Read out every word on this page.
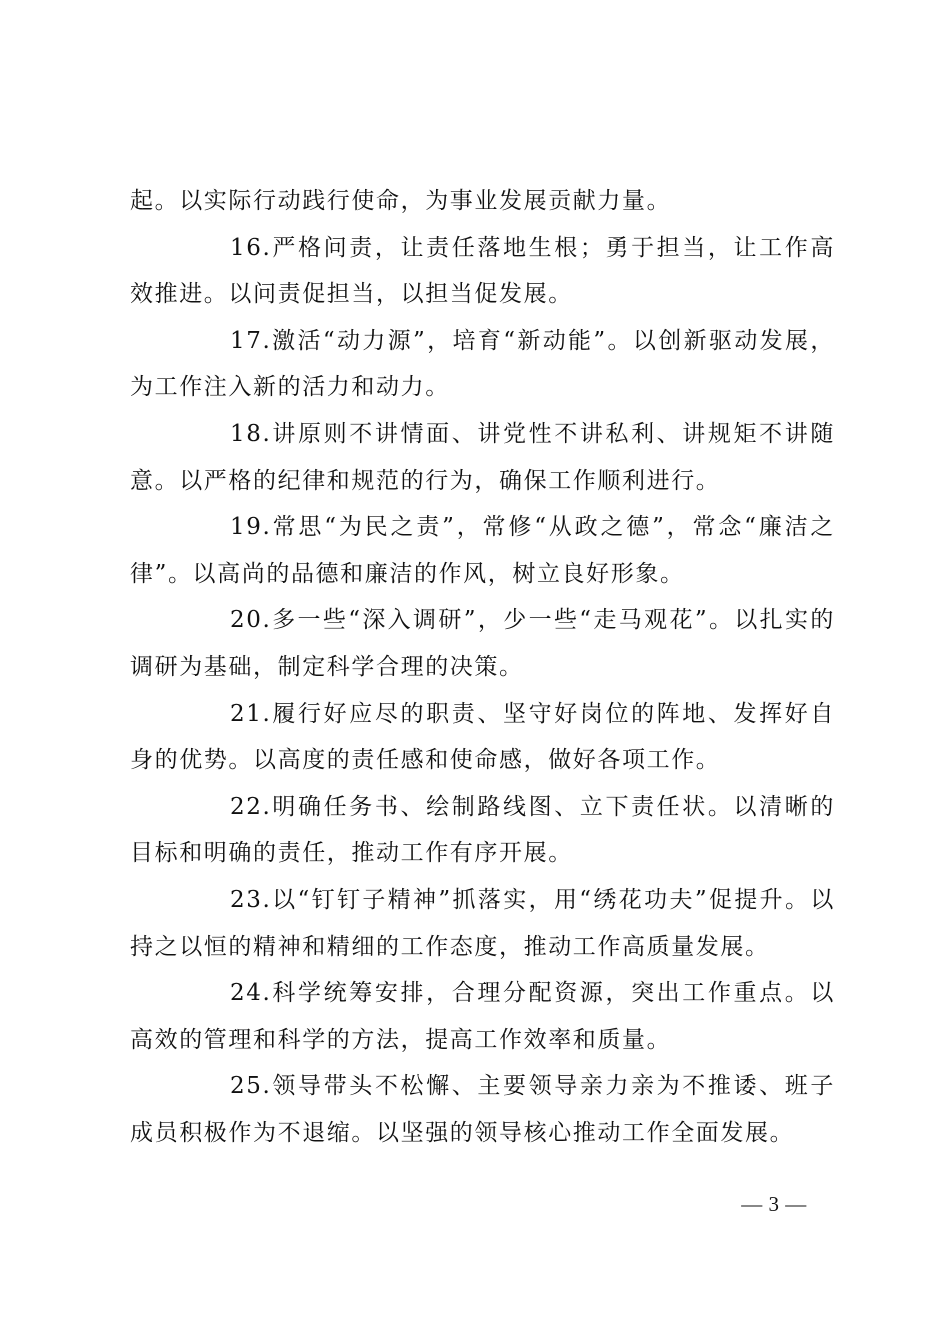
起。以实际行动践行使命，为事业发展贡献力量。

16.严格问责，让责任落地生根；勇于担当，让工作高效推进。以问责促担当，以担当促发展。

17.激活“动力源”，培育“新动能”。以创新驱动发展，为工作注入新的活力和动力。

18.讲原则不讲情面、讲党性不讲私利、讲规矩不讲随意。以严格的纪律和规范的行为，确保工作顺利进行。

19.常思“为民之责”，常修“从政之德”，常念“廉洁之律”。以高尚的品德和廉洁的作风，树立良好形象。

20.多一些“深入调研”，少一些“走马观花”。以扎实的调研为基础，制定科学合理的决策。

21.履行好应尽的职责、坚守好岗位的阵地、发挥好自身的优势。以高度的责任感和使命感，做好各项工作。

22.明确任务书、绘制路线图、立下责任状。以清晰的目标和明确的责任，推动工作有序开展。

23.以“钉钉子精神”抓落实，用“绣花功夫”促提升。以持之以恒的精神和精细的工作态度，推动工作高质量发展。

24.科学统筹安排，合理分配资源，突出工作重点。以高效的管理和科学的方法，提高工作效率和质量。

25.领导带头不松懈、主要领导亲力亲为不推诿、班子成员积极作为不退缩。以坚强的领导核心推动工作全面发展。

— 3 —
